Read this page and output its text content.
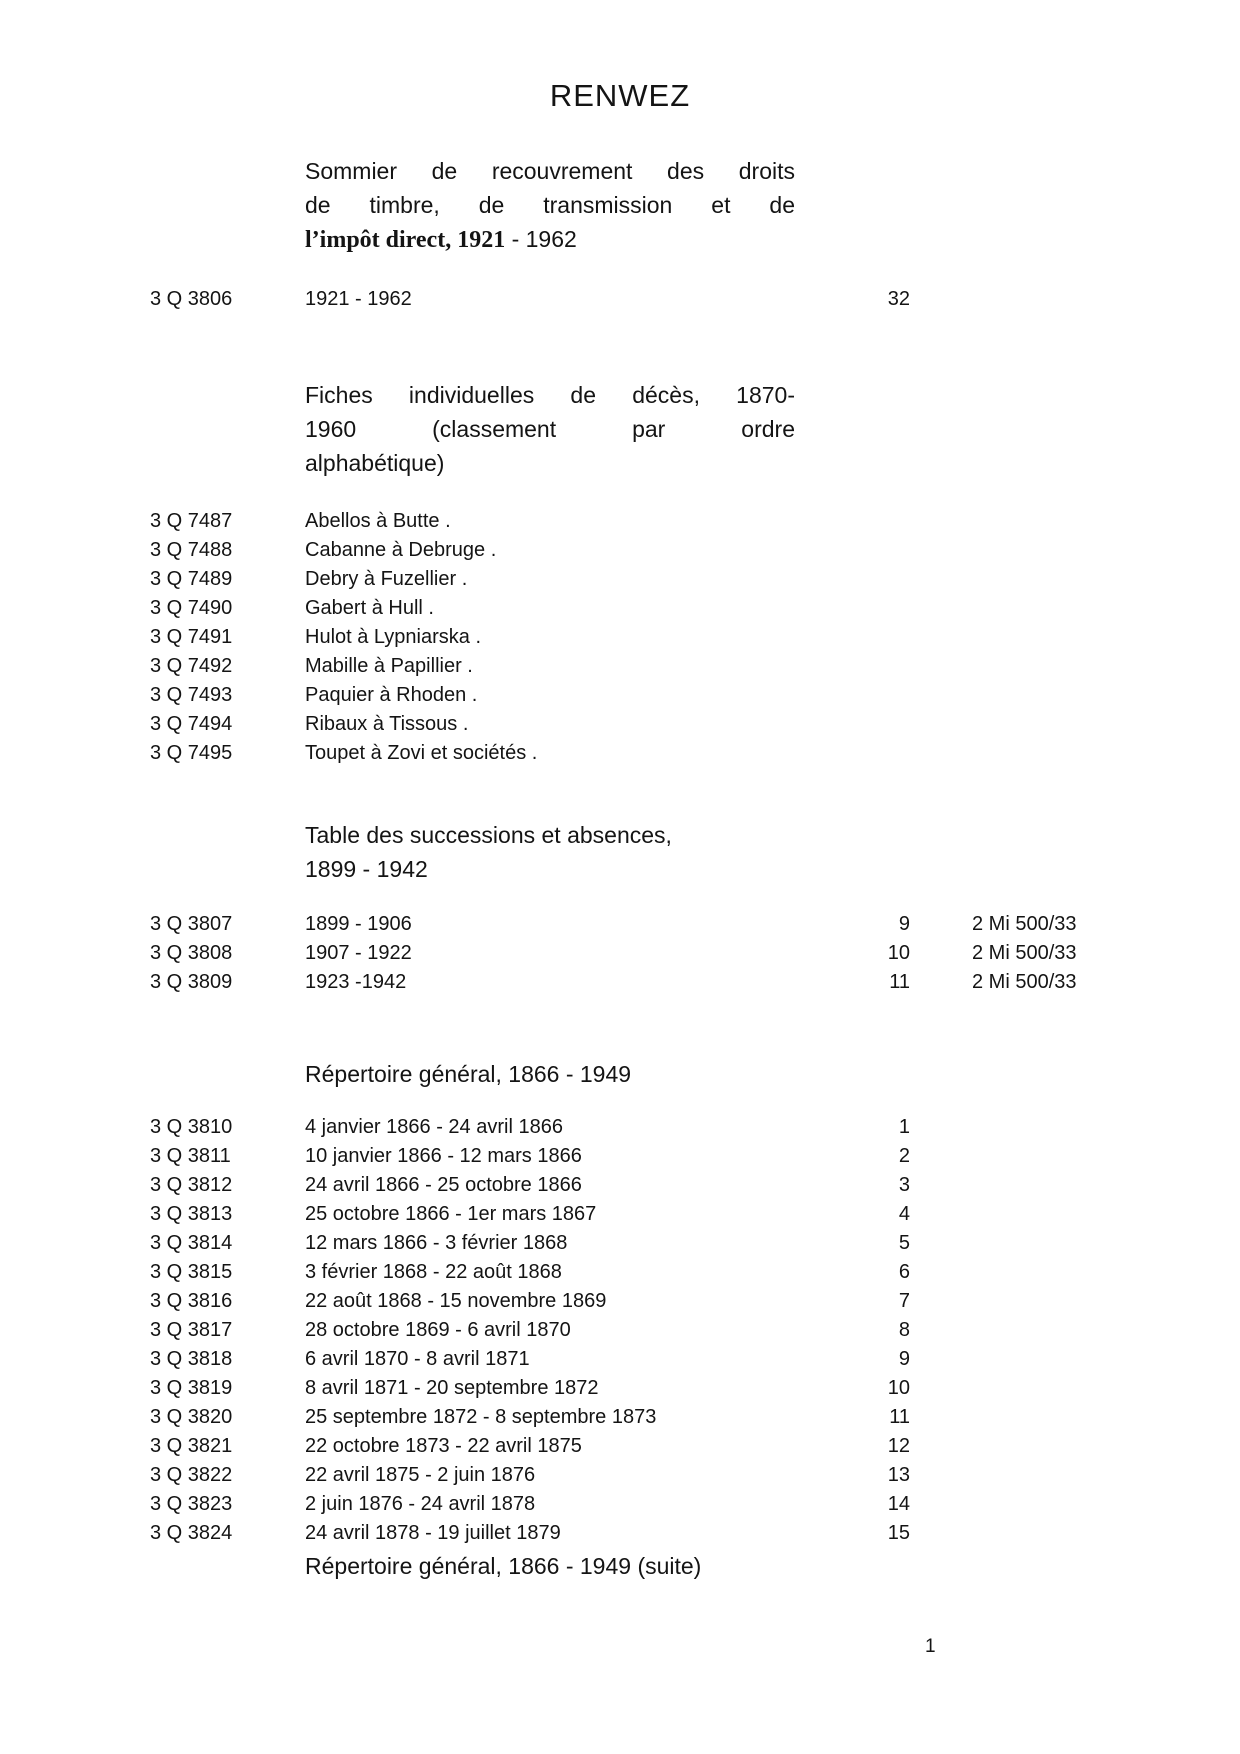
RENWEZ
Sommier de recouvrement des droits
de timbre, de transmission et de
l’impôt direct, 1921 - 1962
3 Q 3806	1921 - 1962	32
Fiches individuelles de décès, 1870-
1960 (classement par ordre
alphabétique)
3 Q 7487	Abellos à Butte .
3 Q 7488	Cabanne à Debruge .
3 Q 7489	Debry à Fuzellier .
3 Q 7490	Gabert à Hull .
3 Q 7491	Hulot à Lypniarska .
3 Q 7492	Mabille à Papillier .
3 Q 7493	Paquier à Rhoden .
3 Q 7494	Ribaux à Tissous .
3 Q 7495	Toupet à Zovi et sociétés .
Table des successions et absences,
1899 - 1942
3 Q 3807	1899 - 1906	9	2 Mi 500/33
3 Q 3808	1907 - 1922	10	2 Mi 500/33
3 Q 3809	1923 -1942	11	2 Mi 500/33
Répertoire général, 1866 - 1949
3 Q 3810	4 janvier 1866 - 24 avril 1866	1
3 Q 3811	10 janvier 1866 - 12 mars 1866	2
3 Q 3812	24 avril 1866 - 25 octobre 1866	3
3 Q 3813	25 octobre 1866 - 1er mars 1867	4
3 Q 3814	12 mars 1866 - 3 février 1868	5
3 Q 3815	3 février 1868 - 22 août 1868	6
3 Q 3816	22 août 1868 - 15 novembre 1869	7
3 Q 3817	28 octobre 1869 - 6 avril 1870	8
3 Q 3818	6 avril 1870 - 8 avril 1871	9
3 Q 3819	8 avril 1871 - 20 septembre 1872	10
3 Q 3820	25 septembre 1872 - 8 septembre 1873	11
3 Q 3821	22 octobre 1873 - 22 avril 1875	12
3 Q 3822	22 avril 1875 - 2 juin 1876	13
3 Q 3823	2 juin 1876 - 24 avril 1878	14
3 Q 3824	24 avril 1878 - 19 juillet 1879	15
Répertoire général, 1866 - 1949 (suite)
1
